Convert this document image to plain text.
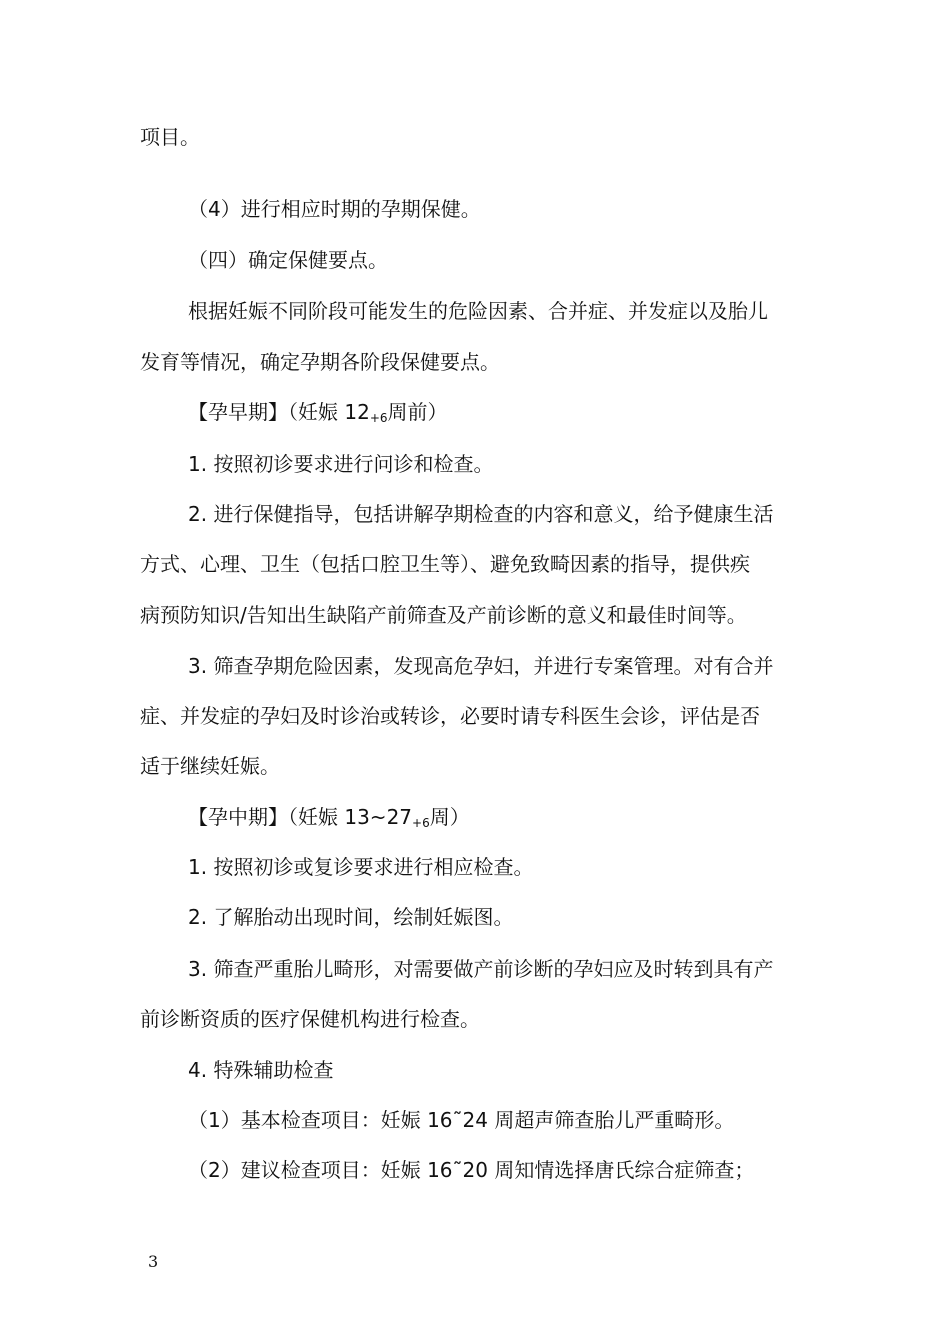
项目。
（4）进行相应时期的孕期保健。
（四）确定保健要点。
根据妊娠不同阶段可能发生的危险因素、合并症、并发症以及胎儿
发育等情况，确定孕期各阶段保健要点。
【孕早期】（妊娠 12+6周前）
1. 按照初诊要求进行问诊和检查。
2. 进行保健指导，包括讲解孕期检查的内容和意义，给予健康生活
方式、心理、卫生（包括口腔卫生等）、避免致畸因素的指导，提供疾
病预防知识/告知出生缺陷产前筛查及产前诊断的意义和最佳时间等。
3. 筛查孕期危险因素，发现高危孕妇，并进行专案管理。对有合并
症、并发症的孕妇及时诊治或转诊，必要时请专科医生会诊，评估是否
适于继续妊娠。
【孕中期】（妊娠 13~27+6周）
1. 按照初诊或复诊要求进行相应检查。
2. 了解胎动出现时间，绘制妊娠图。
3. 筛查严重胎儿畸形，对需要做产前诊断的孕妇应及时转到具有产
前诊断资质的医疗保健机构进行检查。
4. 特殊辅助检查
（1）基本检查项目：妊娠 16˜24 周超声筛查胎儿严重畸形。
（2）建议检查项目：妊娠 16˜20 周知情选择唐氏综合症筛查；
3
